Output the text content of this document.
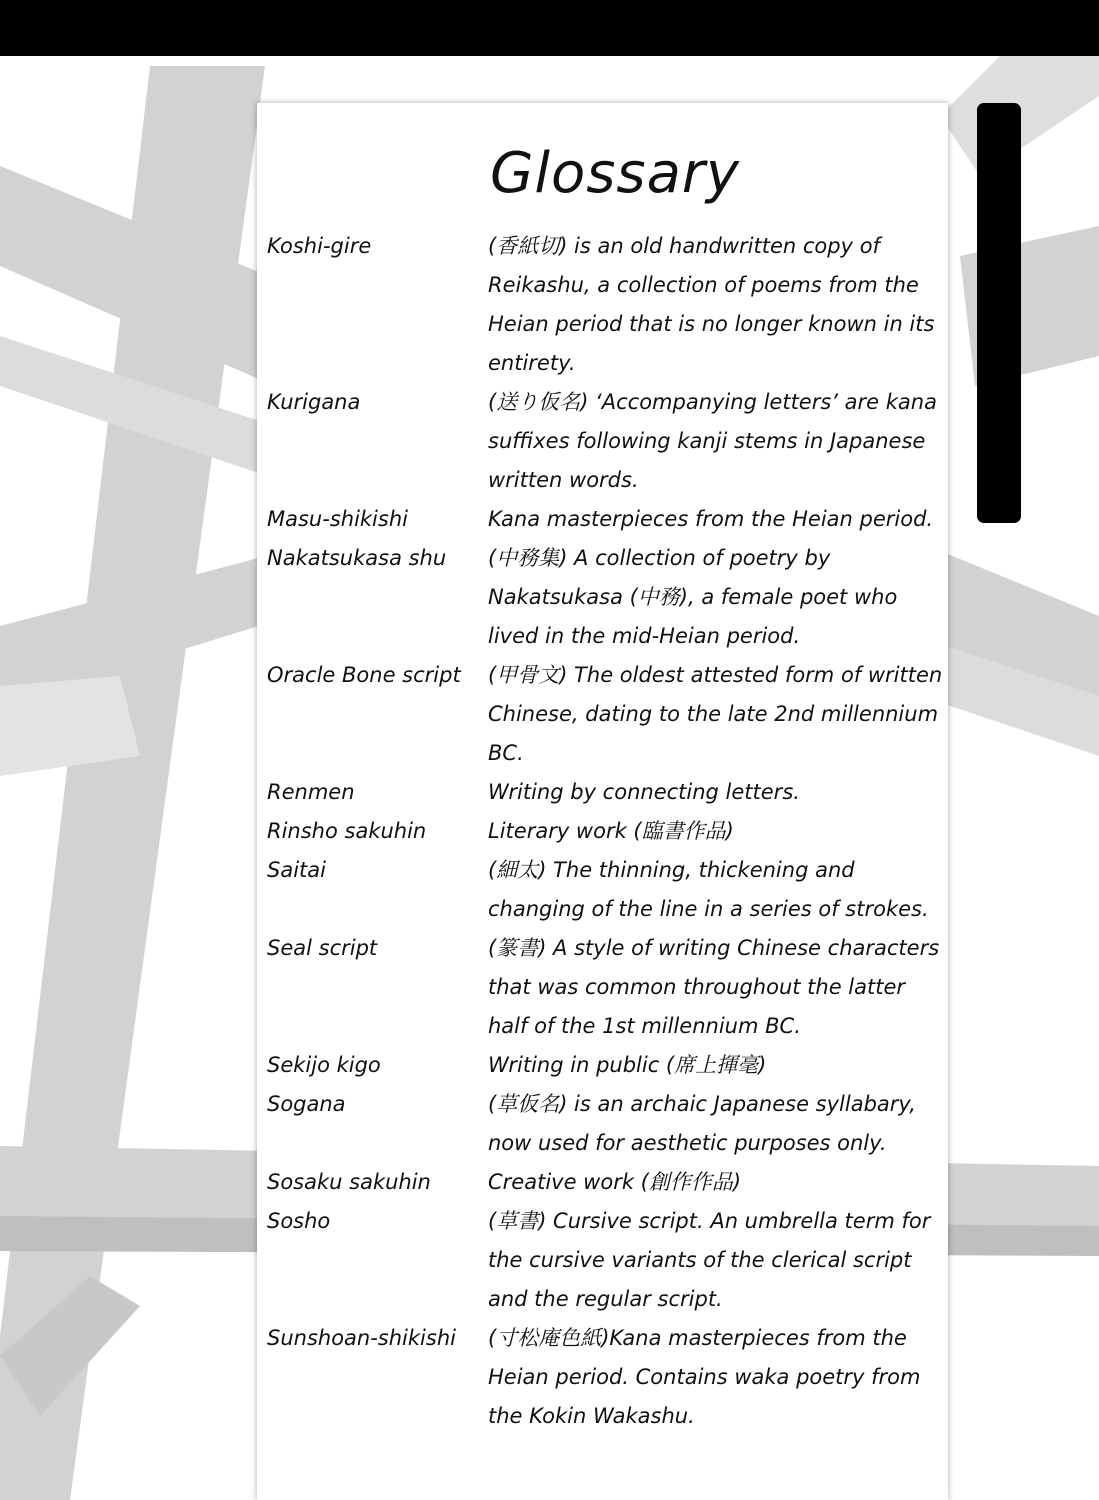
Glossary
Koshi-gire	(香紙切) is an old handwritten copy of Reikashu, a collection of poems from the Heian period that is no longer known in its entirety.
Kurigana	(送り仮名) ‘Accompanying letters’ are kana suffixes following kanji stems in Japanese written words.
Masu-shikishi	Kana masterpieces from the Heian period.
Nakatsukasa shu	(中務集) A collection of poetry by Nakatsukasa (中務), a female poet who lived in the mid-Heian period.
Oracle Bone script	(甲骨文) The oldest attested form of written Chinese, dating to the late 2nd millennium BC.
Renmen	Writing by connecting letters.
Rinsho sakuhin	Literary work (臨書作品)
Saitai	(細太) The thinning, thickening and changing of the line in a series of strokes.
Seal script	(篆書) A style of writing Chinese characters that was common throughout the latter half of the 1st millennium BC.
Sekijo kigo	Writing in public (席上揮毫)
Sogana	(草仮名) is an archaic Japanese syllabary, now used for aesthetic purposes only.
Sosaku sakuhin	Creative work (創作作品)
Sosho	(草書) Cursive script. An umbrella term for the cursive variants of the clerical script and the regular script.
Sunshoan-shikishi	(寸松庵色紙)Kana masterpieces from the Heian period. Contains waka poetry from the Kokin Wakashu.
